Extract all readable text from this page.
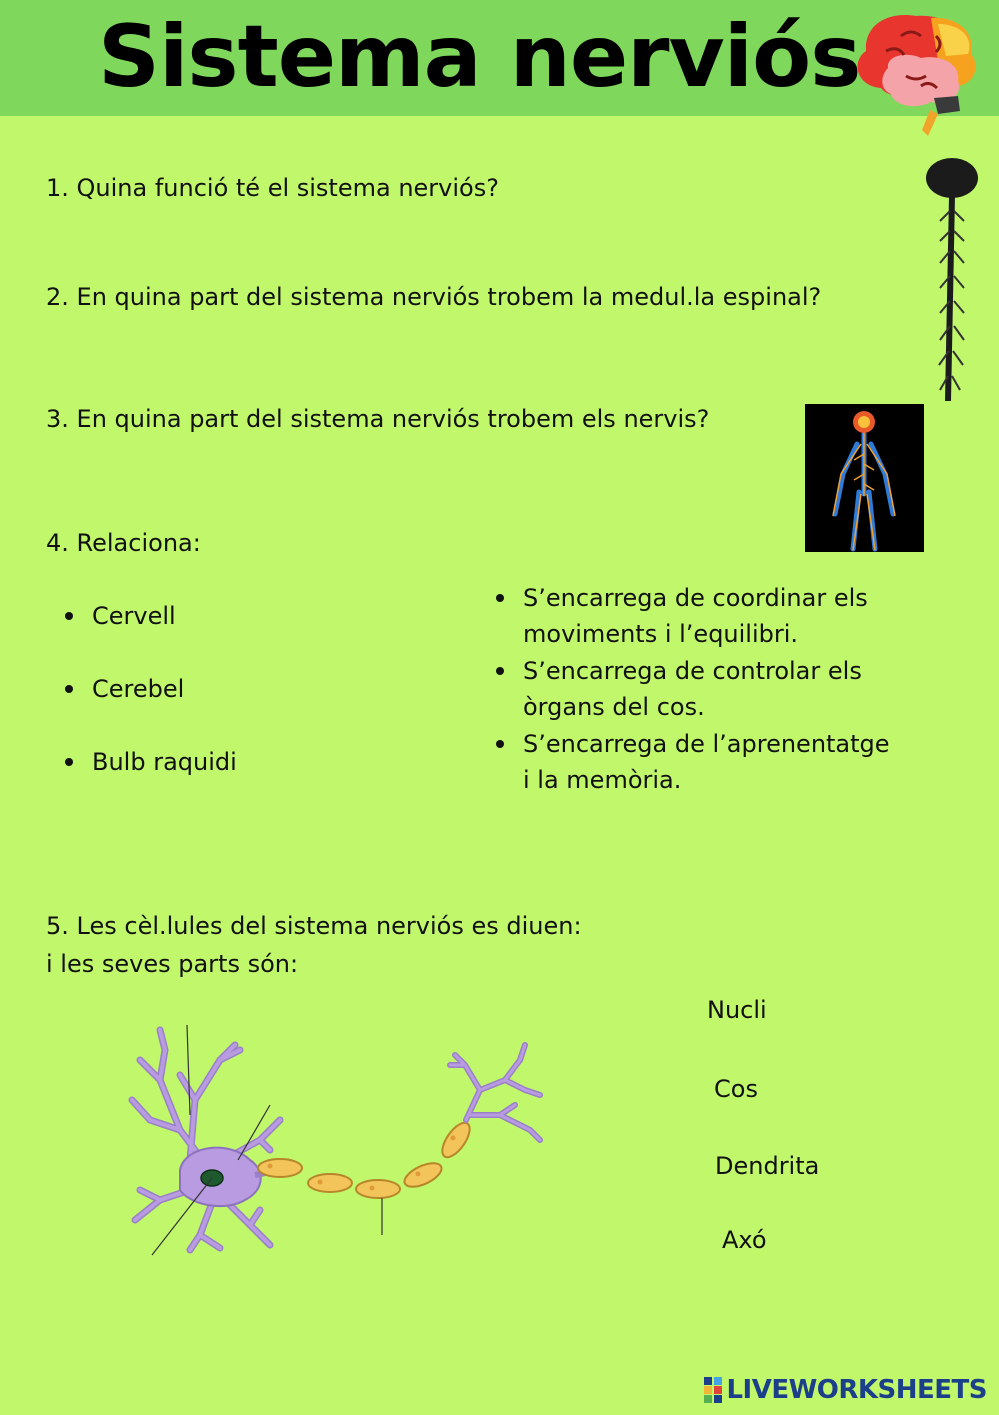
Sistema nerviós
1. Quina funció té el sistema nerviós?
2. En quina part del sistema nerviós trobem la medul.la espinal?
3. En quina part del sistema nerviós trobem els nervis?
4. Relaciona:
Cervell
Cerebel
Bulb raquidi
S’encarrega de coordinar els
moviments i l’equilibri.
S’encarrega de controlar els
òrgans del cos.
S’encarrega de l’aprenentatge
i la memòria.
5. Les cèl.lules del sistema nerviós es diuen:
i les seves parts són:
Nucli
Cos
Dendrita
Axó
LIVEWORKSHEETS
